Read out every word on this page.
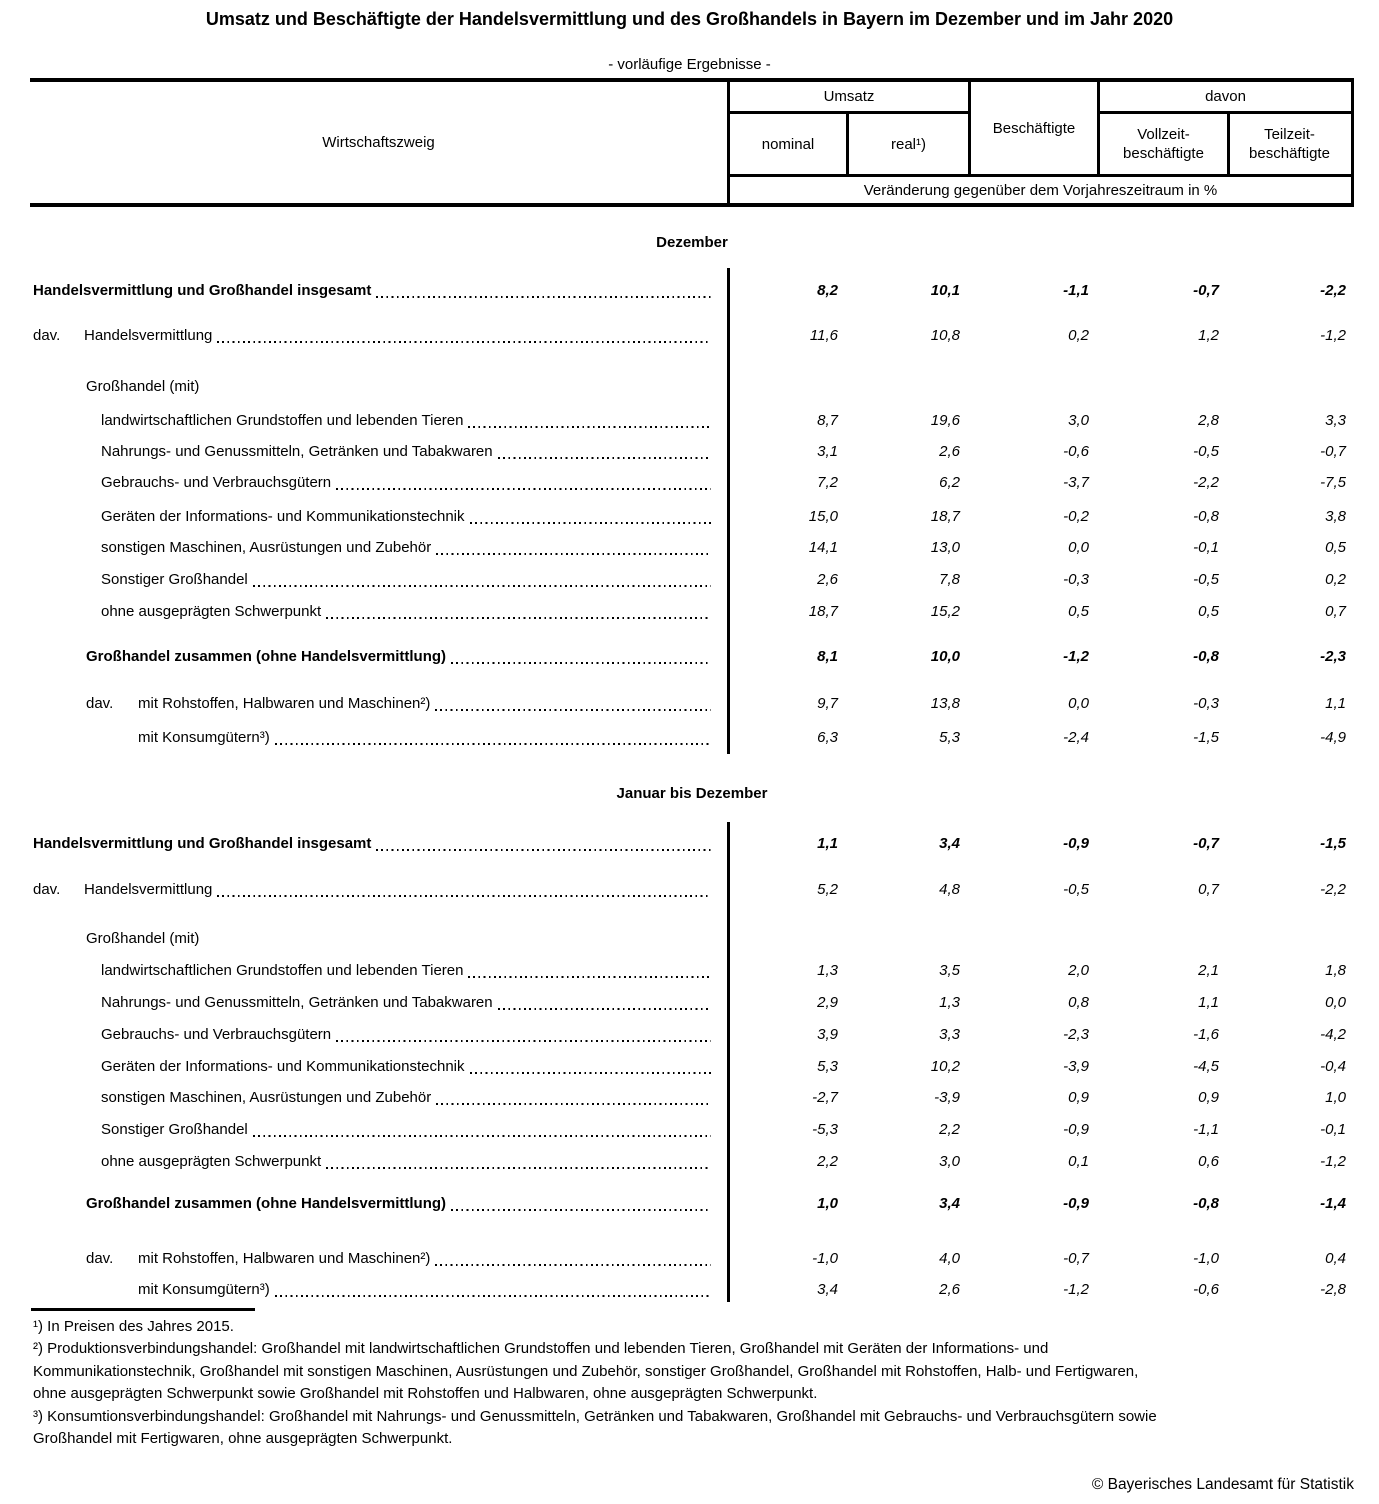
Umsatz und Beschäftigte der Handelsvermittlung und des Großhandels in Bayern im Dezember und im Jahr 2020
- vorläufige Ergebnisse -
Wirtschaftszweig
Umsatz
nominal	real¹)
Beschäftigte
davon
Vollzeit-beschäftigte
Teilzeit-beschäftigte
Veränderung gegenüber dem Vorjahreszeitraum in %
Dezember
Handelsvermittlung und Großhandel insgesamt	8,2	10,1	-1,1	-0,7	-2,2
dav.	Handelsvermittlung	11,6	10,8	0,2	1,2	-1,2
Großhandel (mit)
landwirtschaftlichen Grundstoffen und lebenden Tieren	8,7	19,6	3,0	2,8	3,3
Nahrungs- und Genussmitteln, Getränken und Tabakwaren	3,1	2,6	-0,6	-0,5	-0,7
Gebrauchs- und Verbrauchsgütern	7,2	6,2	-3,7	-2,2	-7,5
Geräten der Informations- und Kommunikationstechnik	15,0	18,7	-0,2	-0,8	3,8
sonstigen Maschinen, Ausrüstungen und Zubehör	14,1	13,0	0,0	-0,1	0,5
Sonstiger Großhandel	2,6	7,8	-0,3	-0,5	0,2
ohne ausgeprägten Schwerpunkt	18,7	15,2	0,5	0,5	0,7
Großhandel zusammen (ohne Handelsvermittlung)	8,1	10,0	-1,2	-0,8	-2,3
dav.	mit Rohstoffen, Halbwaren und Maschinen²)	9,7	13,8	0,0	-0,3	1,1
mit Konsumgütern³)	6,3	5,3	-2,4	-1,5	-4,9
Januar bis Dezember
Handelsvermittlung und Großhandel insgesamt	1,1	3,4	-0,9	-0,7	-1,5
dav.	Handelsvermittlung	5,2	4,8	-0,5	0,7	-2,2
Großhandel (mit)
landwirtschaftlichen Grundstoffen und lebenden Tieren	1,3	3,5	2,0	2,1	1,8
Nahrungs- und Genussmitteln, Getränken und Tabakwaren	2,9	1,3	0,8	1,1	0,0
Gebrauchs- und Verbrauchsgütern	3,9	3,3	-2,3	-1,6	-4,2
Geräten der Informations- und Kommunikationstechnik	5,3	10,2	-3,9	-4,5	-0,4
sonstigen Maschinen, Ausrüstungen und Zubehör	-2,7	-3,9	0,9	0,9	1,0
Sonstiger Großhandel	-5,3	2,2	-0,9	-1,1	-0,1
ohne ausgeprägten Schwerpunkt	2,2	3,0	0,1	0,6	-1,2
Großhandel zusammen (ohne Handelsvermittlung)	1,0	3,4	-0,9	-0,8	-1,4
dav.	mit Rohstoffen, Halbwaren und Maschinen²)	-1,0	4,0	-0,7	-1,0	0,4
mit Konsumgütern³)	3,4	2,6	-1,2	-0,6	-2,8
¹) In Preisen des Jahres 2015.
²) Produktionsverbindungshandel: Großhandel mit landwirtschaftlichen Grundstoffen und lebenden Tieren, Großhandel mit Geräten der Informations- und
Kommunikationstechnik, Großhandel mit sonstigen Maschinen, Ausrüstungen und Zubehör, sonstiger Großhandel, Großhandel mit Rohstoffen, Halb- und Fertigwaren,
ohne ausgeprägten Schwerpunkt sowie Großhandel mit Rohstoffen und Halbwaren, ohne ausgeprägten Schwerpunkt.
³) Konsumtionsverbindungshandel: Großhandel mit Nahrungs- und Genussmitteln, Getränken und Tabakwaren, Großhandel mit Gebrauchs- und Verbrauchsgütern sowie
Großhandel mit Fertigwaren, ohne ausgeprägten Schwerpunkt.
© Bayerisches Landesamt für Statistik
